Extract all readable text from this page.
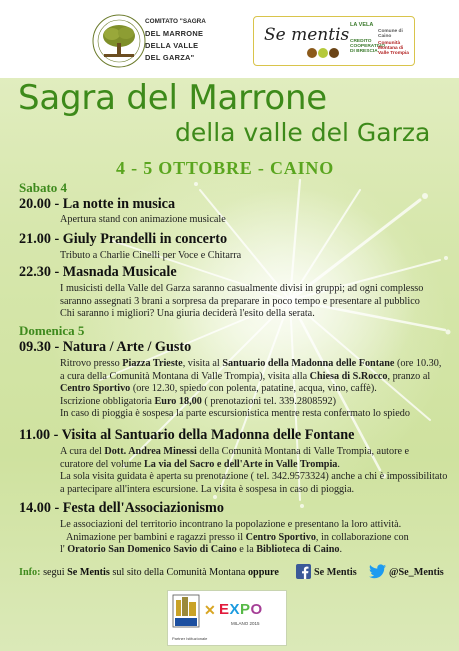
COMITATO "SAGRA
DEL MARRONE
DELLA VALLE
DEL GARZA"
Se mentis LA VELA
CREDITO COOPERATIVO DI BRESCIA
Comune di Caino
Comunità Montana di Valle Trompia
Sagra del Marrone
della valle del Garza
4 - 5 OTTOBRE - CAINO
Sabato 4
20.00 - La notte in musica
Apertura stand con animazione musicale
21.00 - Giuly Prandelli in concerto
Tributo a Charlie Cinelli per Voce e Chitarra
22.30 - Masnada Musicale
I musicisti della Valle del Garza saranno casualmente divisi in gruppi; ad ogni complesso
saranno assegnati 3 brani a sorpresa da preparare in poco tempo e presentare al pubblico
Chi saranno i migliori? Una giuria deciderà l'esito della serata.
Domenica 5
09.30 - Natura / Arte / Gusto
Ritrovo presso Piazza Trieste, visita al Santuario della Madonna delle Fontane (ore 10.30,
a cura della Comunità Montana di Valle Trompia), visita alla Chiesa di S.Rocco, pranzo al
Centro Sportivo (ore 12.30, spiedo con polenta, patatine, acqua, vino, caffè).
Iscrizione obbligatoria Euro 18,00 ( prenotazioni tel. 339.2808592)
In caso di pioggia è sospesa la parte escursionistica mentre resta confermato lo spiedo
11.00 - Visita al Santuario della Madonna delle Fontane
A cura del Dott. Andrea Minessi della Comunità Montana di Valle Trompia, autore e
curatore del volume La via del Sacro e dell'Arte in Valle Trompia.
La sola visita guidata è aperta su prenotazione ( tel. 342.9573324) anche a chi è impossibilitato
a partecipare all'intera escursione. La visita è sospesa in caso di pioggia.
14.00 - Festa dell'Associazionismo
Le associazioni del territorio incontrano la popolazione e presentano la loro attività.
Animazione per bambini e ragazzi presso il Centro Sportivo, in collaborazione con
l' Oratorio San Domenico Savio di Caino e la Biblioteca di Caino.
Info: segui Se Mentis sul sito della Comunità Montana oppure	Se Mentis	@Se_Mentis
✕ EXPO
MILANO 2015
Partner Istituzionale
